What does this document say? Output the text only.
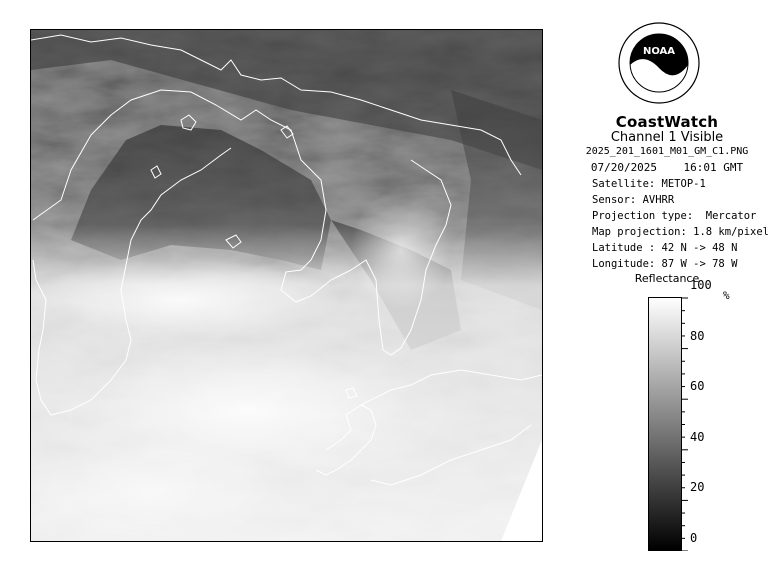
NOAA
CoastWatch
Channel 1 Visible
2025_201_1601_M01_GM_C1.PNG
07/20/2025    16:01 GMT
Satellite: METOP-1
Sensor: AVHRR
Projection type:  Mercator
Map projection: 1.8 km/pixel
Latitude : 42 N -> 48 N
Longitude: 87 W -> 78 W
Reflectance
%
100
80
60
40
20
0
